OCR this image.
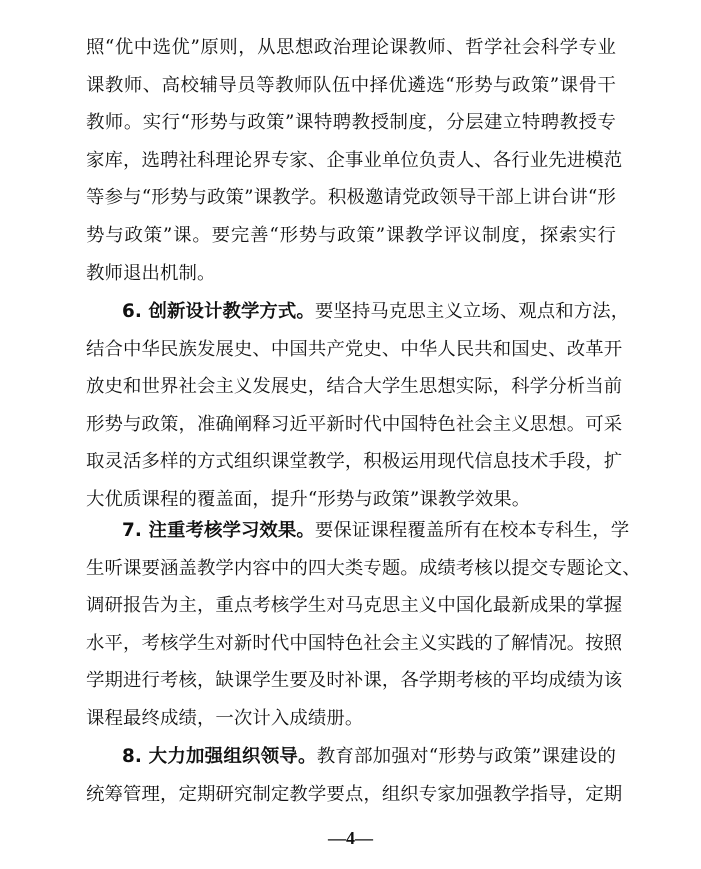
照“优中选优”原则，从思想政治理论课教师、哲学社会科学专业
课教师、高校辅导员等教师队伍中择优遴选“形势与政策”课骨干
教师。实行“形势与政策”课特聘教授制度，分层建立特聘教授专
家库，选聘社科理论界专家、企事业单位负责人、各行业先进模范
等参与“形势与政策”课教学。积极邀请党政领导干部上讲台讲“形
势与政策”课。要完善“形势与政策”课教学评议制度，探索实行
教师退出机制。
6. 创新设计教学方式。要坚持马克思主义立场、观点和方法，
结合中华民族发展史、中国共产党史、中华人民共和国史、改革开
放史和世界社会主义发展史，结合大学生思想实际，科学分析当前
形势与政策，准确阐释习近平新时代中国特色社会主义思想。可采
取灵活多样的方式组织课堂教学，积极运用现代信息技术手段，扩
大优质课程的覆盖面，提升“形势与政策”课教学效果。
7. 注重考核学习效果。要保证课程覆盖所有在校本专科生，学
生听课要涵盖教学内容中的四大类专题。成绩考核以提交专题论文、
调研报告为主，重点考核学生对马克思主义中国化最新成果的掌握
水平，考核学生对新时代中国特色社会主义实践的了解情况。按照
学期进行考核，缺课学生要及时补课，各学期考核的平均成绩为该
课程最终成绩，一次计入成绩册。
8. 大力加强组织领导。教育部加强对“形势与政策”课建设的
统筹管理，定期研究制定教学要点，组织专家加强教学指导，定期
—4—
